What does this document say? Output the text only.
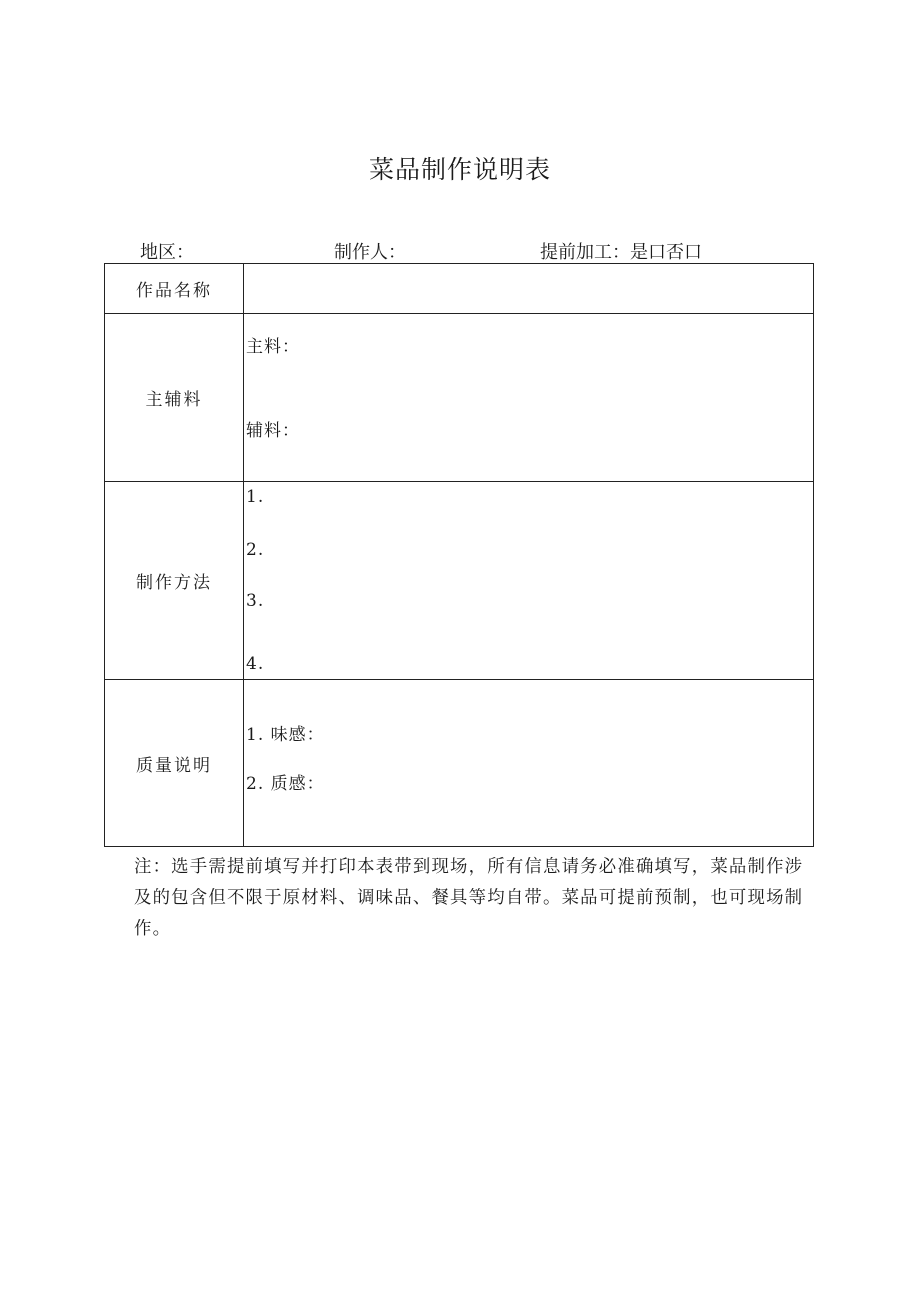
菜品制作说明表
地区：	制作人：	提前加工：是口否口
作品名称
主辅料
主料：
辅料：
制作方法
1.
2.
3.
4.
质量说明
1. 味感：
2. 质感：
注：选手需提前填写并打印本表带到现场，所有信息请务必准确填写，菜品制作涉及的包含但不限于原材料、调味品、餐具等均自带。菜品可提前预制，也可现场制作。
